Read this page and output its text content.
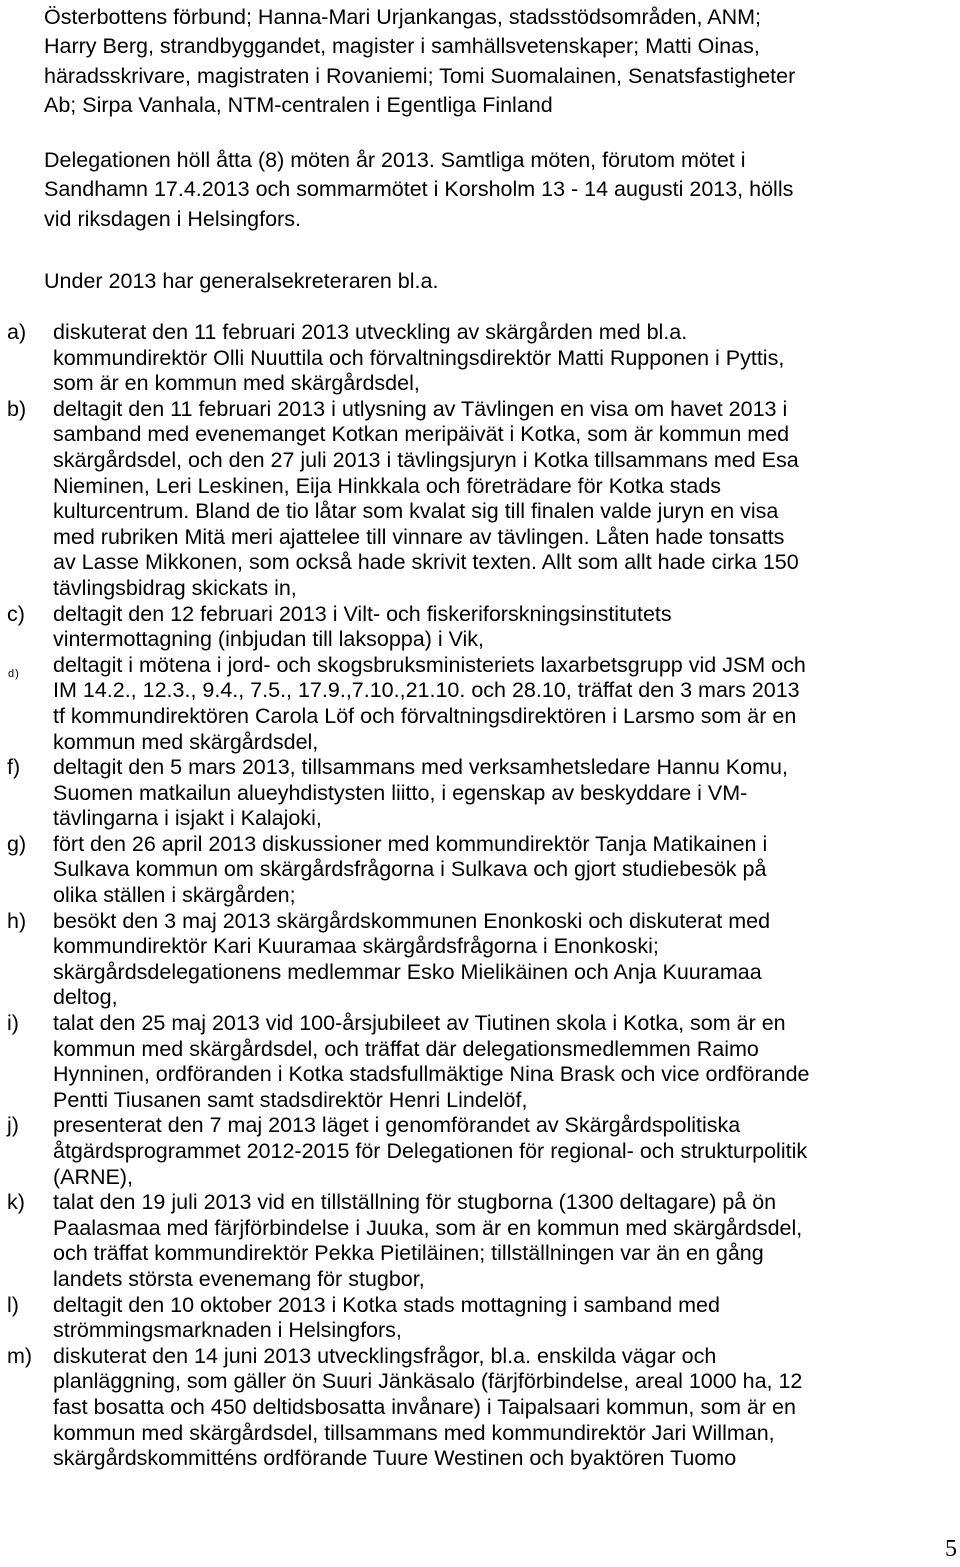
Österbottens förbund; Hanna-Mari Urjankangas, stadsstödsområden, ANM;
Harry Berg, strandbyggandet, magister i samhällsvetenskaper; Matti Oinas,
häradsskrivare, magistraten i Rovaniemi; Tomi Suomalainen, Senatsfastigheter
Ab; Sirpa Vanhala, NTM-centralen i Egentliga Finland
Delegationen höll åtta (8) möten år 2013. Samtliga möten, förutom mötet i
Sandhamn 17.4.2013 och sommarmötet i Korsholm 13 - 14 augusti 2013, hölls
vid riksdagen i Helsingfors.
Under 2013 har generalsekreteraren bl.a.
a) diskuterat den 11 februari 2013 utveckling av skärgården med bl.a.
kommundirektör Olli Nuuttila och förvaltningsdirektör Matti Rupponen i Pyttis,
som är en kommun med skärgårdsdel,
b) deltagit den 11 februari 2013 i utlysning av Tävlingen en visa om havet 2013 i
samband med evenemanget Kotkan meripäivät i Kotka, som är kommun med
skärgårdsdel, och den 27 juli 2013 i tävlingsjuryn i Kotka tillsammans med Esa
Nieminen, Leri Leskinen, Eija Hinkkala och företrädare för Kotka stads
kulturcentrum. Bland de tio låtar som kvalat sig till finalen valde juryn en visa
med rubriken Mitä meri ajattelee till vinnare av tävlingen. Låten hade tonsatts
av Lasse Mikkonen, som också hade skrivit texten. Allt som allt hade cirka 150
tävlingsbidrag skickats in,
c) deltagit den 12 februari 2013 i Vilt- och fiskeriforskningsinstitutets
vintermottagning (inbjudan till laksoppa) i Vik,
d) deltagit i mötena i jord- och skogsbruksministeriets laxarbetsgrupp vid JSM och
IM 14.2., 12.3., 9.4., 7.5., 17.9.,7.10.,21.10. och 28.10, träffat den 3 mars 2013
tf kommundirektören Carola Löf och förvaltningsdirektören i Larsmo som är en
kommun med skärgårdsdel,
f) deltagit den 5 mars 2013, tillsammans med verksamhetsledare Hannu Komu,
Suomen matkailun alueyhdistysten liitto, i egenskap av beskyddare i VM-
tävlingarna i isjakt i Kalajoki,
g) fört den 26 april 2013 diskussioner med kommundirektör Tanja Matikainen i
Sulkava kommun om skärgårdsfrågorna i Sulkava och gjort studiebesök på
olika ställen i skärgården;
h) besökt den 3 maj 2013 skärgårdskommunen Enonkoski och diskuterat med
kommundirektör Kari Kuuramaa skärgårdsfrågorna i Enonkoski;
skärgårdsdelegationens medlemmar Esko Mielikäinen och Anja Kuuramaa
deltog,
i) talat den 25 maj 2013 vid 100-årsjubileet av Tiutinen skola i Kotka, som är en
kommun med skärgårdsdel, och träffat där delegationsmedlemmen Raimo
Hynninen, ordföranden i Kotka stadsfullmäktige Nina Brask och vice ordförande
Pentti Tiusanen samt stadsdirektör Henri Lindelöf,
j) presenterat den 7 maj 2013 läget i genomförandet av Skärgårdspolitiska
åtgärdsprogrammet 2012-2015 för Delegationen för regional- och strukturpolitik
(ARNE),
k) talat den 19 juli 2013 vid en tillställning för stugborna (1300 deltagare) på ön
Paalasmaa med färjförbindelse i Juuka, som är en kommun med skärgårdsdel,
och träffat kommundirektör Pekka Pietiläinen; tillställningen var än en gång
landets största evenemang för stugbor,
l) deltagit den 10 oktober 2013 i Kotka stads mottagning i samband med
strömmingsmarknaden i Helsingfors,
m) diskuterat den 14 juni 2013 utvecklingsfrågor, bl.a. enskilda vägar och
planläggning, som gäller ön Suuri Jänkäsalo (färjförbindelse, areal 1000 ha, 12
fast bosatta och 450 deltidsbosatta invånare) i Taipalsaari kommun, som är en
kommun med skärgårdsdel, tillsammans med kommundirektör Jari Willman,
skärgårdskommitténs ordförande Tuure Westinen och byaktören Tuomo
5
